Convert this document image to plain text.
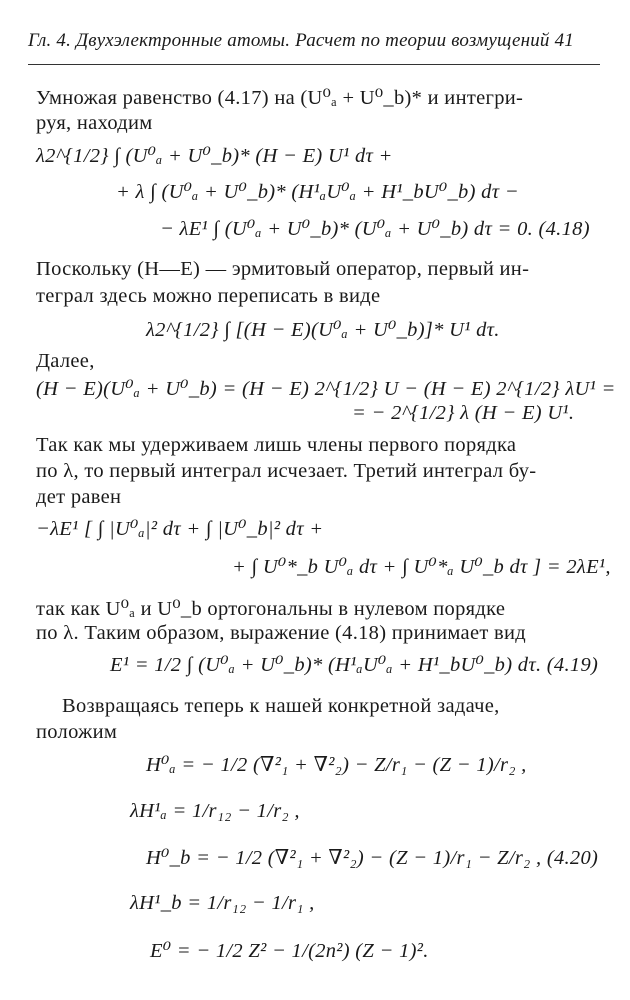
Гл. 4. Двухэлектронные атомы. Расчет по теории возмущений 41
Умножая равенство (4.17) на (U⁰ₐ + U⁰_b)* и интегри-
руя, находим
λ2^{1/2} ∫ (U⁰ₐ + U⁰_b)* (H − E) U¹ dτ +
+ λ ∫ (U⁰ₐ + U⁰_b)* (H¹ₐU⁰ₐ + H¹_bU⁰_b) dτ −
− λE¹ ∫ (U⁰ₐ + U⁰_b)* (U⁰ₐ + U⁰_b) dτ = 0. (4.18)
Поскольку (H—E) — эрмитовый оператор, первый ин-
теграл здесь можно переписать в виде
λ2^{1/2} ∫ [(H − E)(U⁰ₐ + U⁰_b)]* U¹ dτ.
Далее,
(H − E)(U⁰ₐ + U⁰_b) = (H − E) 2^{1/2} U − (H − E) 2^{1/2} λU¹ =
= − 2^{1/2} λ (H − E) U¹.
Так как мы удерживаем лишь члены первого порядка
по λ, то первый интеграл исчезает. Третий интеграл бу-
дет равен
−λE¹ [ ∫ |U⁰ₐ|² dτ + ∫ |U⁰_b|² dτ +
+ ∫ U⁰*_b U⁰ₐ dτ + ∫ U⁰*ₐ U⁰_b dτ ] = 2λE¹,
так как U⁰ₐ и U⁰_b ортогональны в нулевом порядке
по λ. Таким образом, выражение (4.18) принимает вид
E¹ = 1/2 ∫ (U⁰ₐ + U⁰_b)* (H¹ₐU⁰ₐ + H¹_bU⁰_b) dτ. (4.19)
Возвращаясь теперь к нашей конкретной задаче,
положим
H⁰ₐ = − 1/2 (∇²₁ + ∇²₂) − Z/r₁ − (Z − 1)/r₂ ,
λH¹ₐ = 1/r₁₂ − 1/r₂ ,
H⁰_b = − 1/2 (∇²₁ + ∇²₂) − (Z − 1)/r₁ − Z/r₂ , (4.20)
λH¹_b = 1/r₁₂ − 1/r₁ ,
E⁰ = − 1/2 Z² − 1/(2n²) (Z − 1)².
